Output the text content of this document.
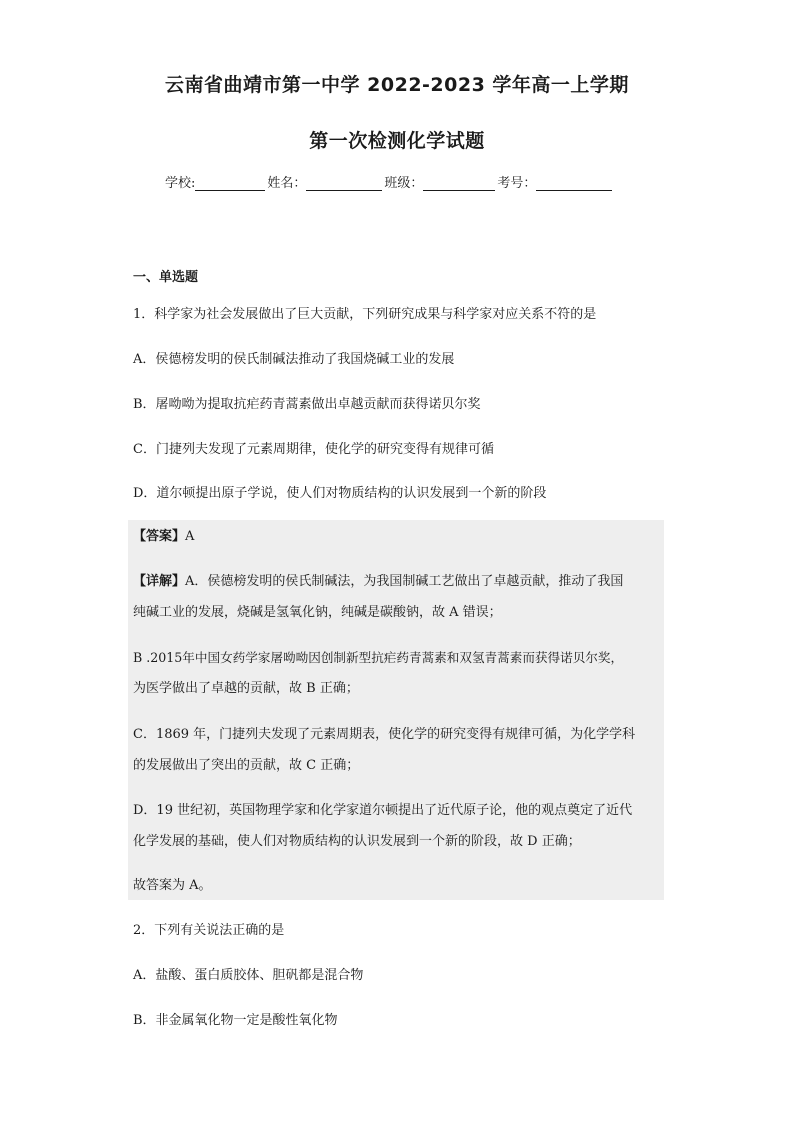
云南省曲靖市第一中学 2022-2023 学年高一上学期
第一次检测化学试题
学校:	姓名：	班级：	考号：
一、单选题
1．科学家为社会发展做出了巨大贡献，下列研究成果与科学家对应关系不符的是
A．侯德榜发明的侯氏制碱法推动了我国烧碱工业的发展
B．屠呦呦为提取抗疟药青蒿素做出卓越贡献而获得诺贝尔奖
C．门捷列夫发现了元素周期律，使化学的研究变得有规律可循
D．道尔顿提出原子学说，使人们对物质结构的认识发展到一个新的阶段
【答案】A
【详解】A．侯德榜发明的侯氏制碱法，为我国制碱工艺做出了卓越贡献，推动了我国
纯碱工业的发展，烧碱是氢氧化钠，纯碱是碳酸钠，故 A 错误；
B .2015年中国女药学家屠呦呦因创制新型抗疟药青蒿素和双氢青蒿素而获得诺贝尔奖，
为医学做出了卓越的贡献，故 B 正确；
C．1869 年，门捷列夫发现了元素周期表，使化学的研究变得有规律可循，为化学学科
的发展做出了突出的贡献，故 C 正确；
D．19 世纪初，英国物理学家和化学家道尔顿提出了近代原子论，他的观点奠定了近代
化学发展的基础，使人们对物质结构的认识发展到一个新的阶段，故 D 正确；
故答案为 A。
2．下列有关说法正确的是
A．盐酸、蛋白质胶体、胆矾都是混合物
B．非金属氧化物一定是酸性氧化物
